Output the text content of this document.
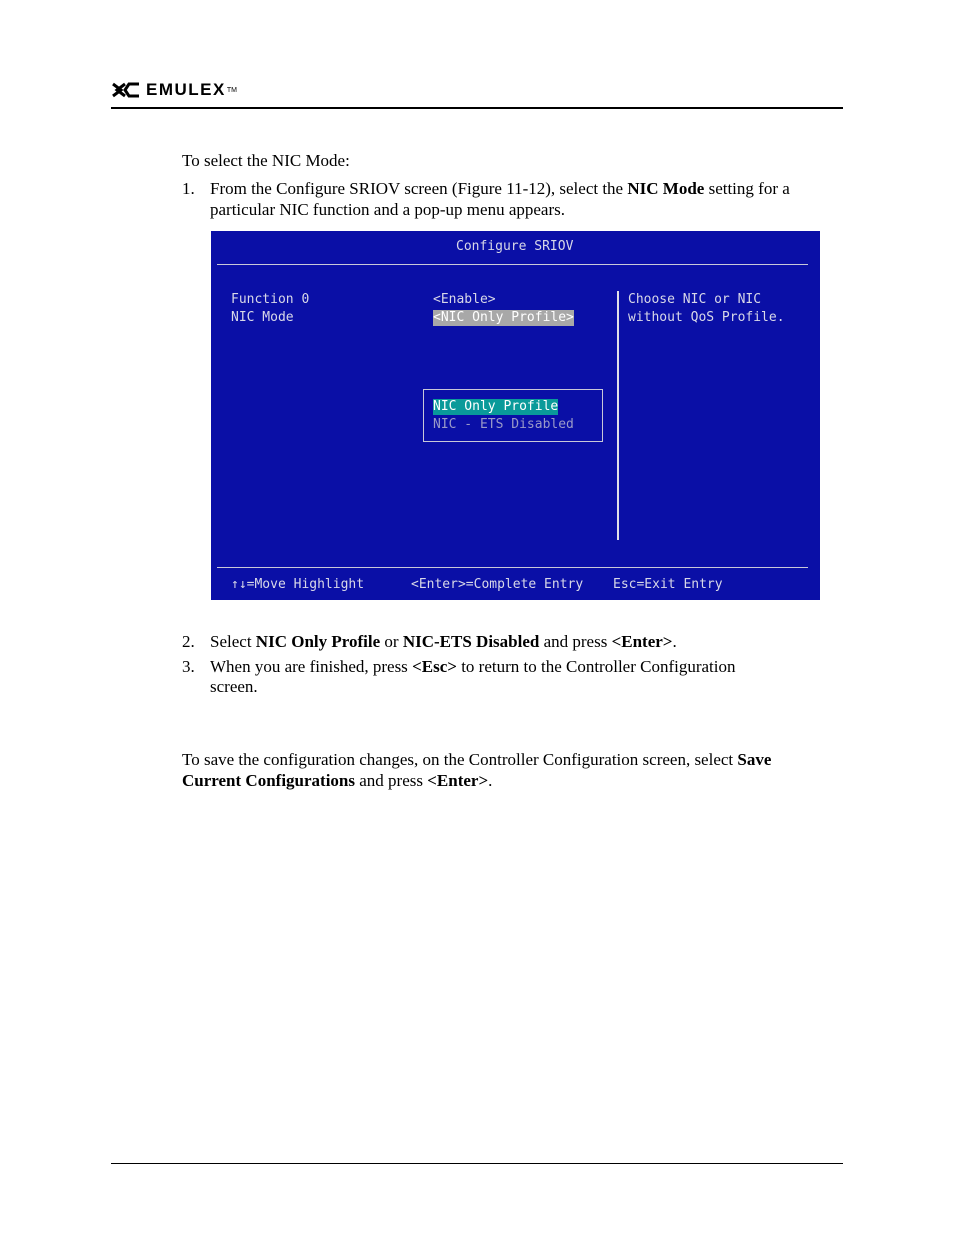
EMULEX TM
To select the NIC Mode:
1. From the Configure SRIOV screen (Figure 11-12), select the NIC Mode setting for a
particular NIC function and a pop-up menu appears.
Configure SRIOV
Function 0	<Enable>
NIC Mode	<NIC Only Profile>
Choose NIC or NIC
without QoS Profile.
NIC Only Profile
NIC - ETS Disabled
↑↓=Move Highlight	<Enter>=Complete Entry Esc=Exit Entry
2. Select NIC Only Profile or NIC-ETS Disabled and press <Enter>.
3. When you are finished, press <Esc> to return to the Controller Configuration
screen.
To save the configuration changes, on the Controller Configuration screen, select Save
Current Configurations and press <Enter>.
